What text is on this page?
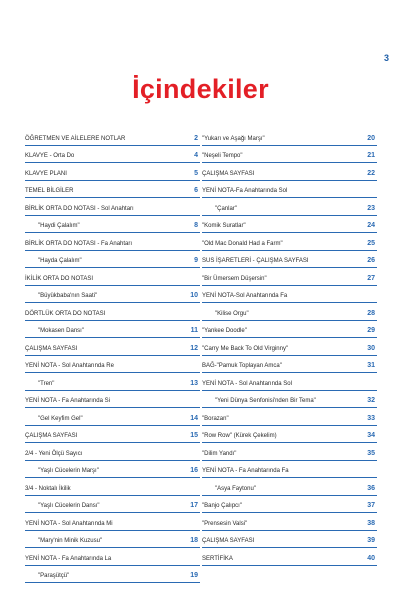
3
İçindekiler
ÖĞRETMEN VE AİLELERE NOTLAR	2
KLAVYE - Orta Do	4
KLAVYE PLANI	5
TEMEL BİLGİLER	6
BİRLİK ORTA DO NOTASI - Sol Anahtarı
"Haydi Çalalım"	8
BİRLİK ORTA DO NOTASI - Fa Anahtarı
"Hayda Çalalım"	9
İKİLİK ORTA DO NOTASI
"Büyükbaba'nın Saati"	10
DÖRTLÜK ORTA DO NOTASI
"Mokasen Dansı"	11
ÇALIŞMA SAYFASI	12
YENİ NOTA - Sol Anahtarında Re
"Tren"	13
YENİ NOTA - Fa Anahtarında Si
"Gel Keyfim Gel"	14
ÇALIŞMA SAYFASI	15
2/4 - Yeni Ölçü Sayıcı
"Yaşlı Cücelerin Marşı"	16
3/4 - Noktalı İkilik
"Yaşlı Cücelerin Dansı"	17
YENİ NOTA - Sol Anahtarında Mi
"Mary'nin Minik Kuzusu"	18
YENİ NOTA - Fa Anahtarında La
"Paraşütçü"	19
"Yukarı ve Aşağı Marşı"	20
"Neşeli Tempo"	21
ÇALIŞMA SAYFASI	22
YENİ NOTA-Fa Anahtarında Sol
"Çanlar"	23
"Komik Suratlar"	24
"Old Mac Donald Had a Farm"	25
SUS İŞARETLERİ - ÇALIŞMA SAYFASI	26
"Bir Ümersem Düşersin"	27
YENİ NOTA-Sol Anahtarında Fa
"Kilise Orgu"	28
"Yankee Doodle"	29
"Carry Me Back To Old Virginny"	30
BAĞ-"Pamuk Toplayan Amca"	31
YENİ NOTA - Sol Anahtarında Sol
"Yeni Dünya Senfonisi'nden Bir Tema"	32
"Borazan"	33
"Row Row" (Kürek Çekelim)	34
"Dilim Yandı"	35
YENİ NOTA - Fa Anahtarında Fa
"Asya Faytonu"	36
"Banjo Çalıpcı"	37
"Prensesin Valsi"	38
ÇALIŞMA SAYFASI	39
SERTİFİKA	40
